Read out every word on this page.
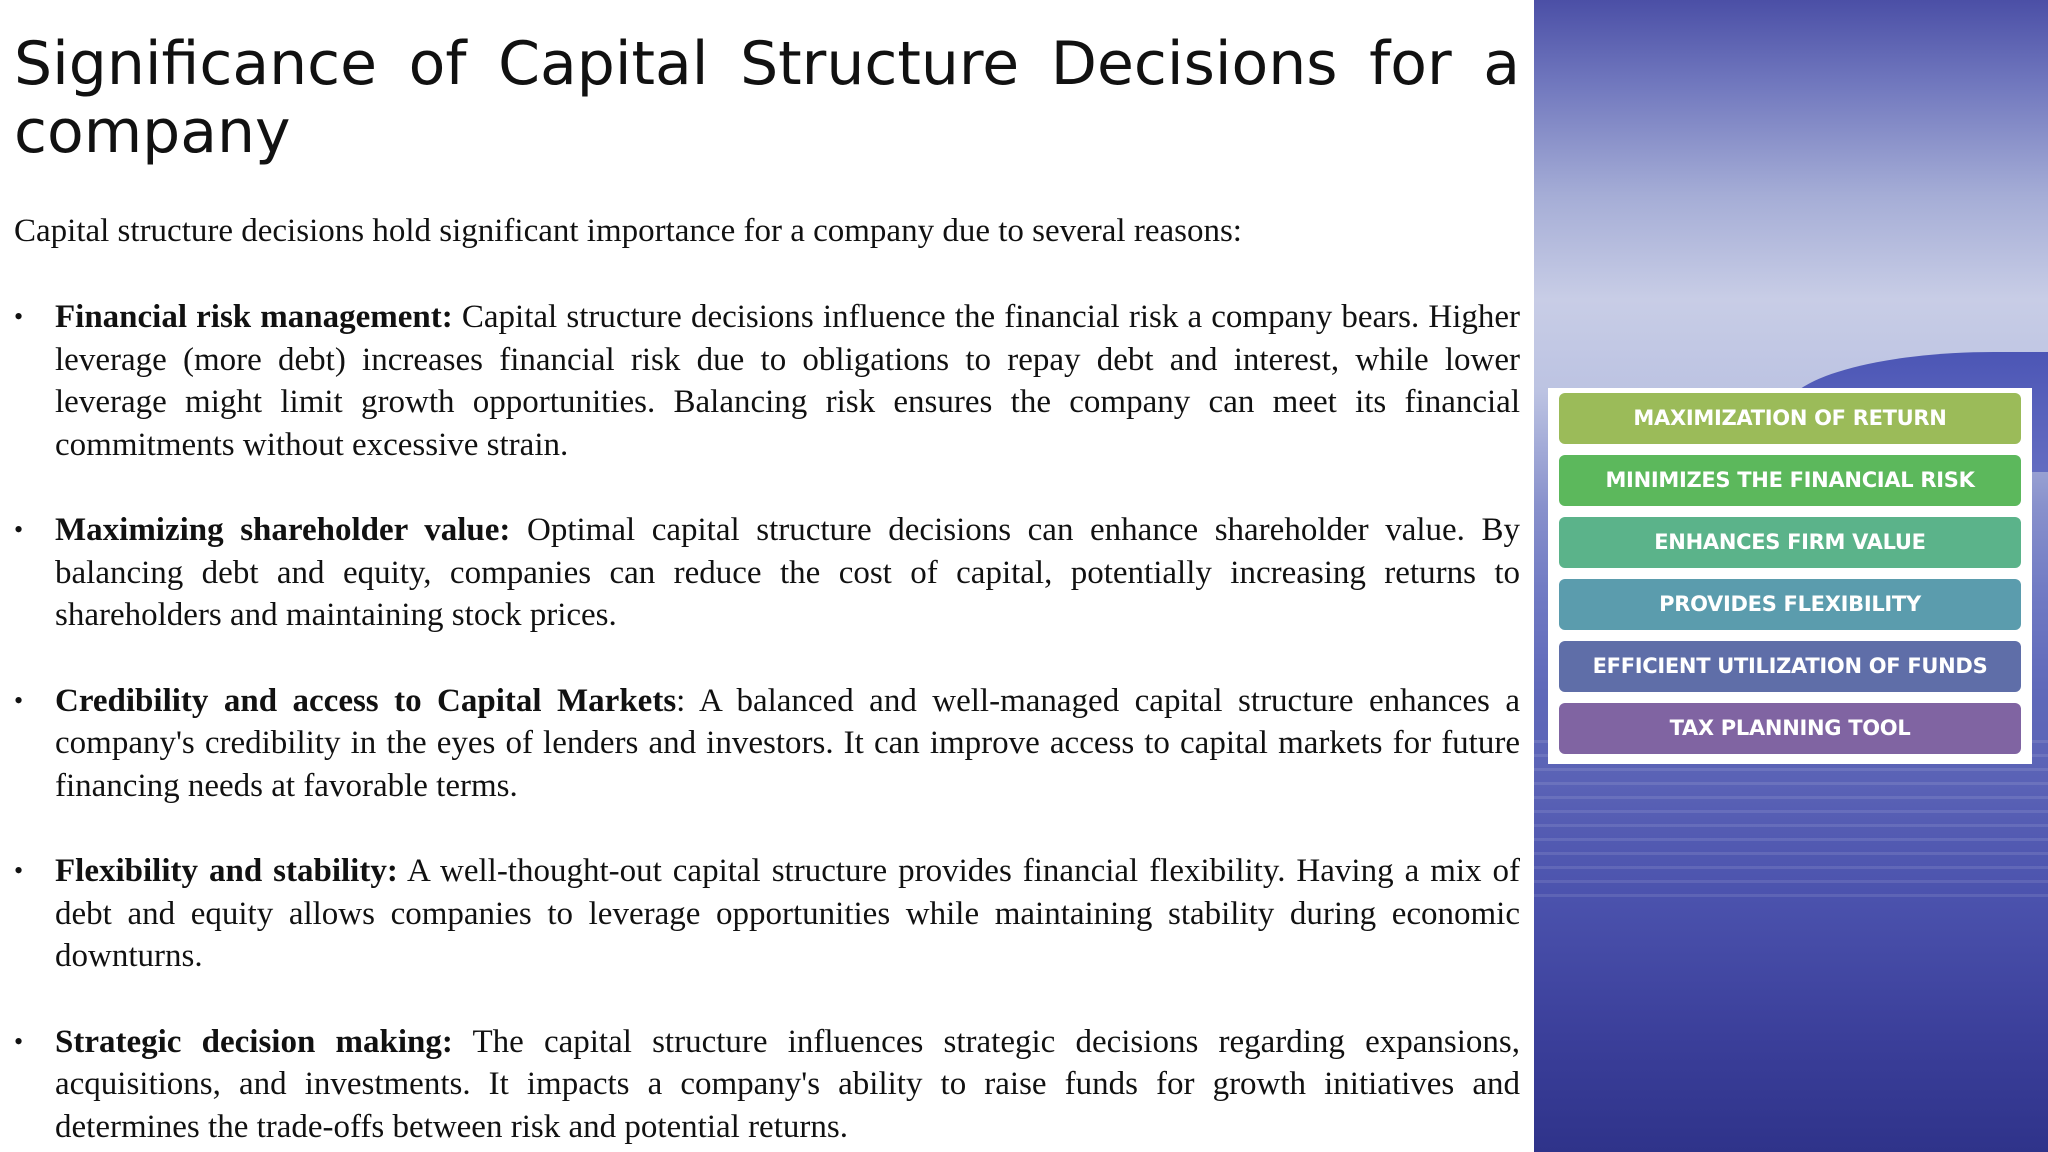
Significance of Capital Structure Decisions for a company

Capital structure decisions hold significant importance for a company due to several reasons:

• Financial risk management: Capital structure decisions influence the financial risk a company bears. Higher leverage (more debt) increases financial risk due to obligations to repay debt and interest, while lower leverage might limit growth opportunities. Balancing risk ensures the company can meet its financial commitments without excessive strain.
• Maximizing shareholder value: Optimal capital structure decisions can enhance shareholder value. By balancing debt and equity, companies can reduce the cost of capital, potentially increasing returns to shareholders and maintaining stock prices.
• Credibility and access to Capital Markets: A balanced and well-managed capital structure enhances a company's credibility in the eyes of lenders and investors. It can improve access to capital markets for future financing needs at favorable terms.
• Flexibility and stability: A well-thought-out capital structure provides financial flexibility. Having a mix of debt and equity allows companies to leverage opportunities while maintaining stability during economic downturns.
• Strategic decision making: The capital structure influences strategic decisions regarding expansions, acquisitions, and investments. It impacts a company's ability to raise funds for growth initiatives and determines the trade-offs between risk and potential returns.
MAXIMIZATION OF RETURN
MINIMIZES THE FINANCIAL RISK
ENHANCES FIRM VALUE
PROVIDES FLEXIBILITY
EFFICIENT UTILIZATION OF FUNDS
TAX PLANNING TOOL
